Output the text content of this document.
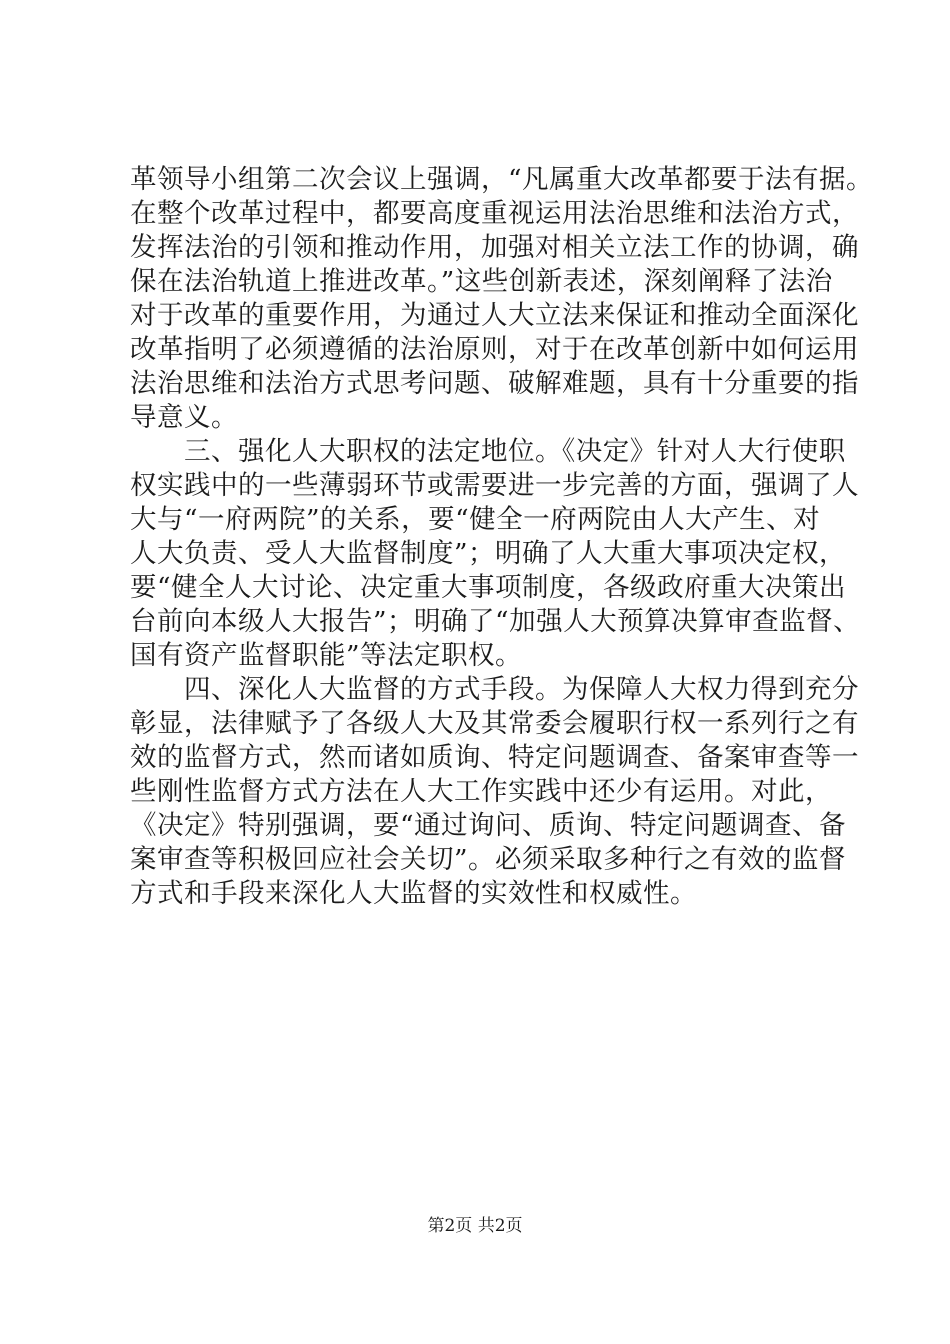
革领导小组第二次会议上强调，“凡属重大改革都要于法有据。
在整个改革过程中，都要高度重视运用法治思维和法治方式，
发挥法治的引领和推动作用，加强对相关立法工作的协调，确
保在法治轨道上推进改革。”这些创新表述，深刻阐释了法治
对于改革的重要作用，为通过人大立法来保证和推动全面深化
改革指明了必须遵循的法治原则，对于在改革创新中如何运用
法治思维和法治方式思考问题、破解难题，具有十分重要的指
导意义。
　　三、强化人大职权的法定地位。《决定》针对人大行使职
权实践中的一些薄弱环节或需要进一步完善的方面，强调了人
大与“一府两院”的关系，要“健全一府两院由人大产生、对
人大负责、受人大监督制度”；明确了人大重大事项决定权，
要“健全人大讨论、决定重大事项制度，各级政府重大决策出
台前向本级人大报告”；明确了“加强人大预算决算审查监督、
国有资产监督职能”等法定职权。
　　四、深化人大监督的方式手段。为保障人大权力得到充分
彰显，法律赋予了各级人大及其常委会履职行权一系列行之有
效的监督方式，然而诸如质询、特定问题调查、备案审查等一
些刚性监督方式方法在人大工作实践中还少有运用。对此，
《决定》特别强调，要“通过询问、质询、特定问题调查、备
案审查等积极回应社会关切”。必须采取多种行之有效的监督
方式和手段来深化人大监督的实效性和权威性。
第2页 共2页
